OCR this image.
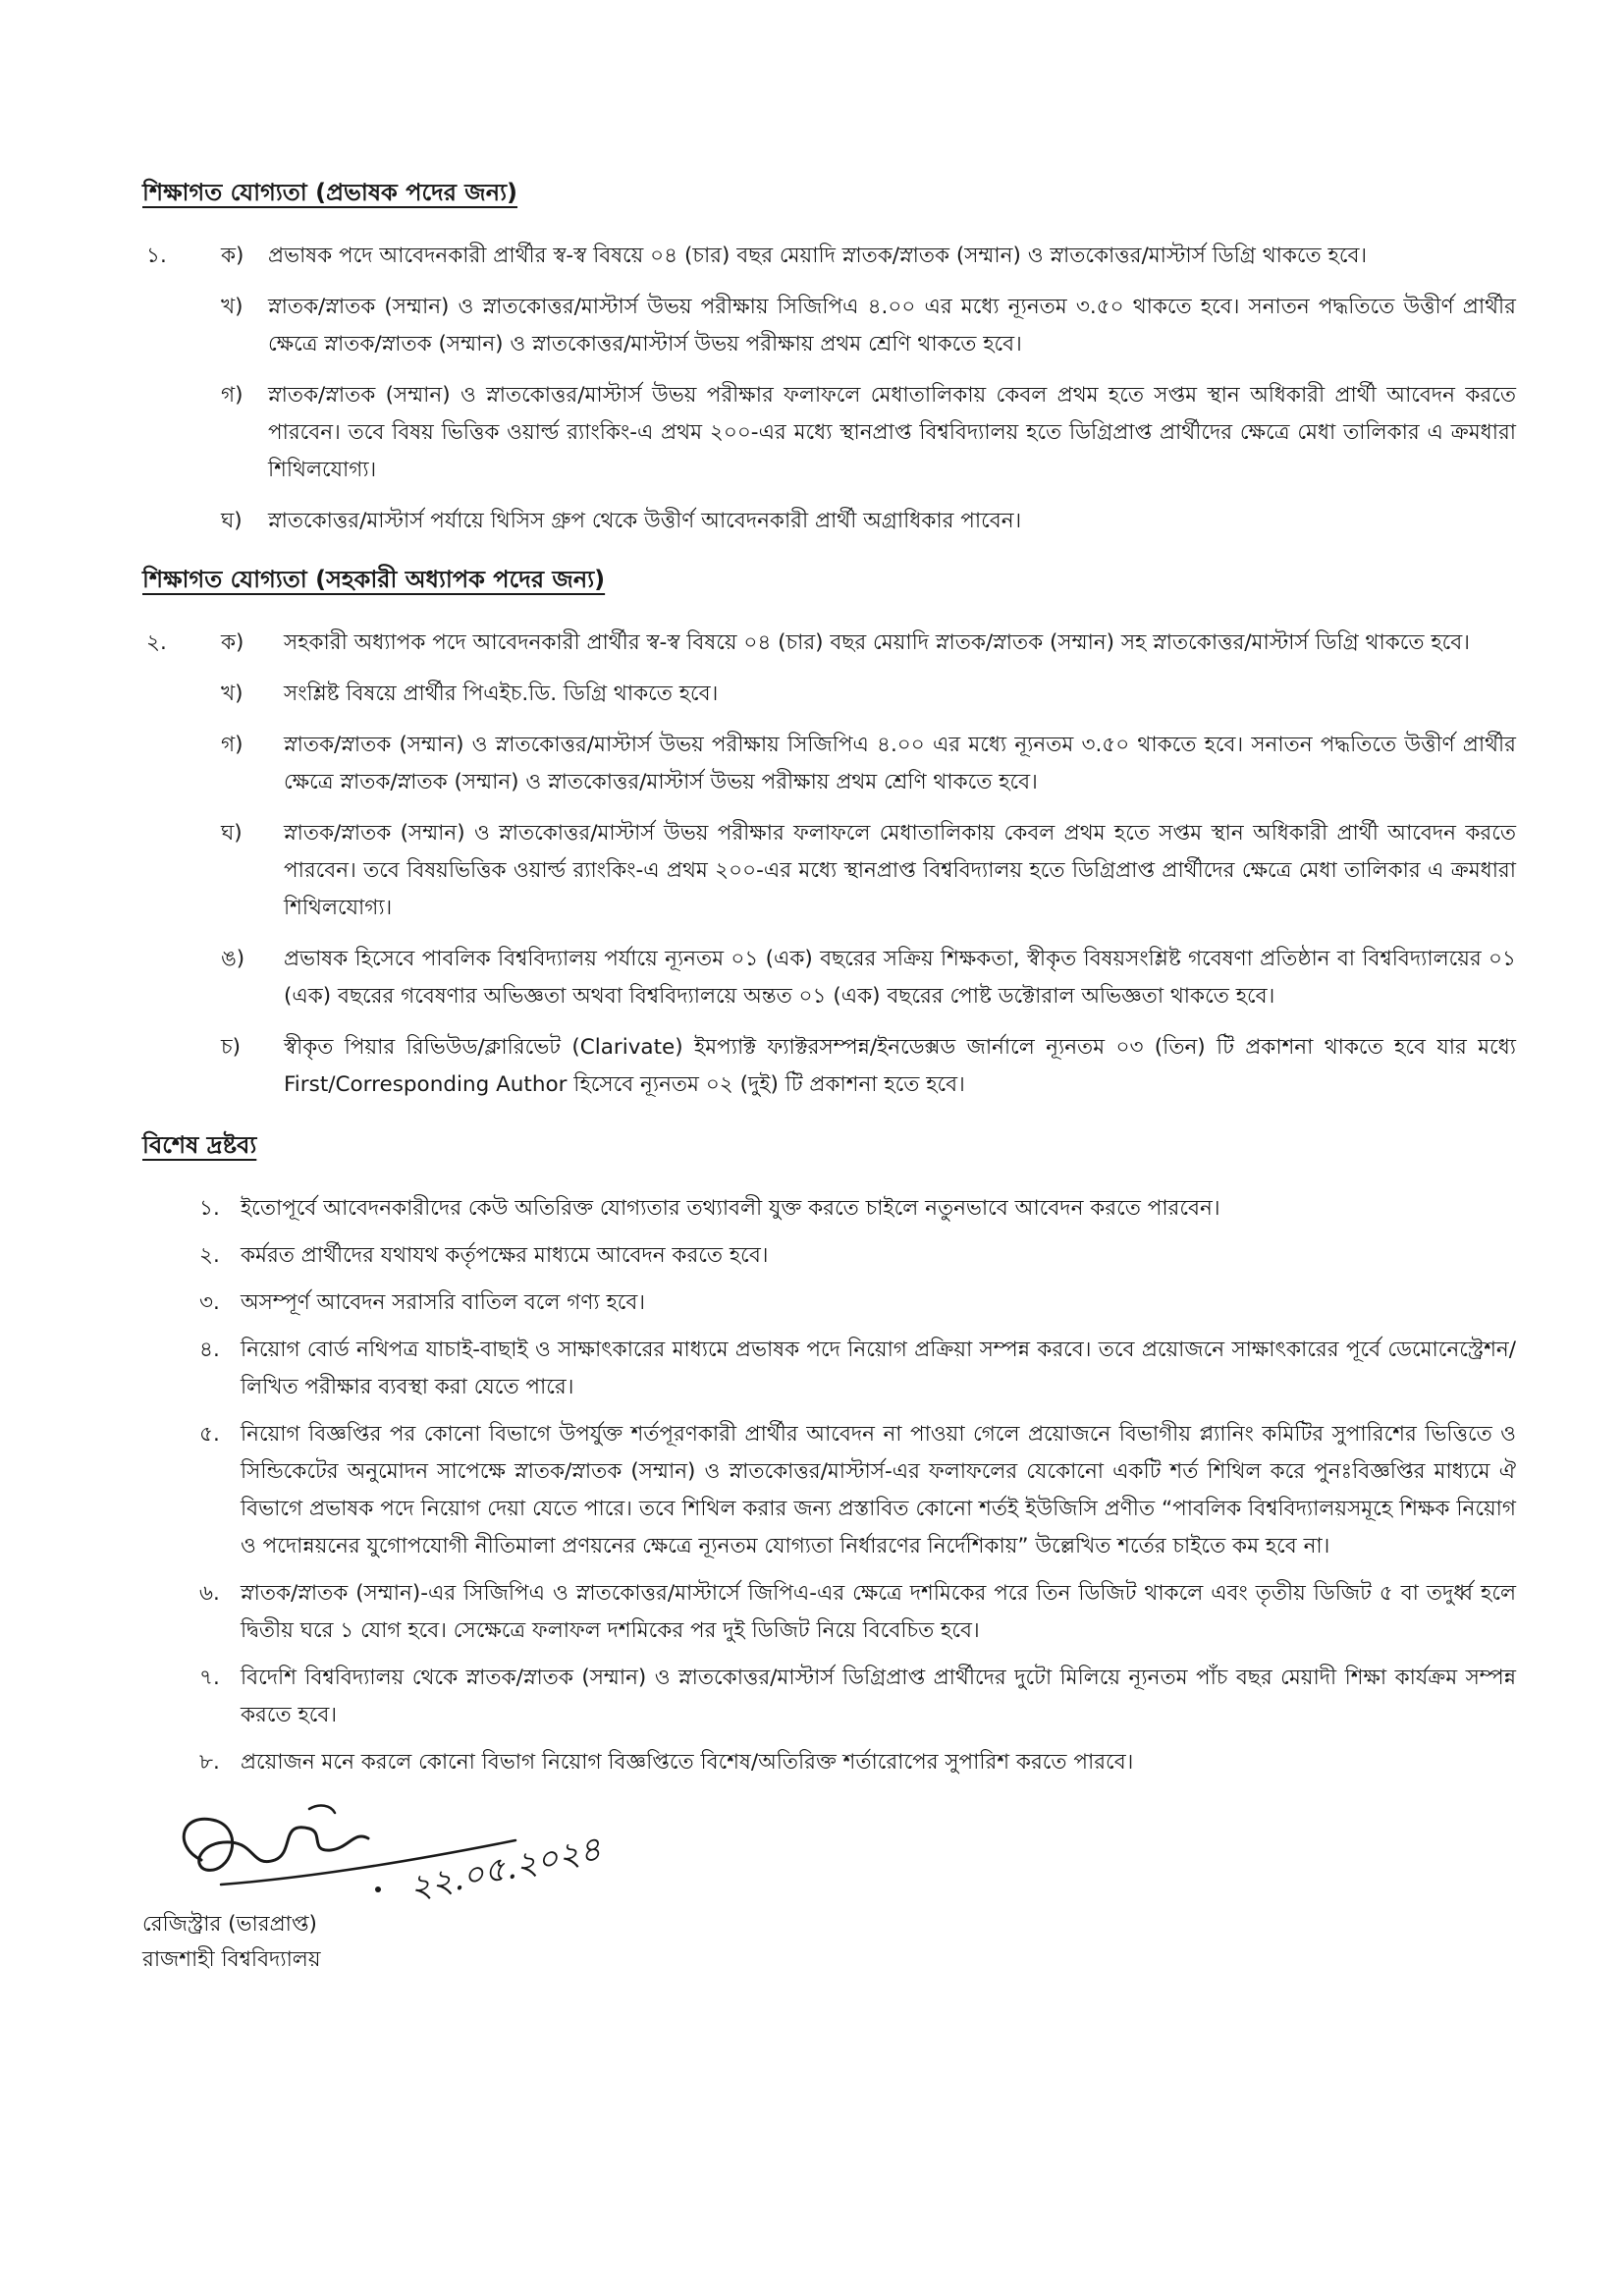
শিক্ষাগত যোগ্যতা (প্রভাষক পদের জন্য)
১.	ক)	প্রভাষক পদে আবেদনকারী প্রার্থীর স্ব-স্ব বিষয়ে ০৪ (চার) বছর মেয়াদি স্নাতক/স্নাতক (সম্মান) ও স্নাতকোত্তর/মাস্টার্স ডিগ্রি থাকতে হবে।
খ)	স্নাতক/স্নাতক (সম্মান) ও স্নাতকোত্তর/মাস্টার্স উভয় পরীক্ষায় সিজিপিএ ৪.০০ এর মধ্যে ন্যূনতম ৩.৫০ থাকতে হবে। সনাতন পদ্ধতিতে উত্তীর্ণ প্রার্থীর ক্ষেত্রে স্নাতক/স্নাতক (সম্মান) ও স্নাতকোত্তর/মাস্টার্স উভয় পরীক্ষায় প্রথম শ্রেণি থাকতে হবে।
গ)	স্নাতক/স্নাতক (সম্মান) ও স্নাতকোত্তর/মাস্টার্স উভয় পরীক্ষার ফলাফলে মেধাতালিকায় কেবল প্রথম হতে সপ্তম স্থান অধিকারী প্রার্থী আবেদন করতে পারবেন। তবে বিষয় ভিত্তিক ওয়ার্ল্ড র‍্যাংকিং-এ প্রথম ২০০-এর মধ্যে স্থানপ্রাপ্ত বিশ্ববিদ্যালয় হতে ডিগ্রিপ্রাপ্ত প্রার্থীদের ক্ষেত্রে মেধা তালিকার এ ক্রমধারা শিথিলযোগ্য।
ঘ)	স্নাতকোত্তর/মাস্টার্স পর্যায়ে থিসিস গ্রুপ থেকে উত্তীর্ণ আবেদনকারী প্রার্থী অগ্রাধিকার পাবেন।
শিক্ষাগত যোগ্যতা (সহকারী অধ্যাপক পদের জন্য)
২.	ক)	সহকারী অধ্যাপক পদে আবেদনকারী প্রার্থীর স্ব-স্ব বিষয়ে ০৪ (চার) বছর মেয়াদি স্নাতক/স্নাতক (সম্মান) সহ স্নাতকোত্তর/মাস্টার্স ডিগ্রি থাকতে হবে।
খ)	সংশ্লিষ্ট বিষয়ে প্রার্থীর পিএইচ.ডি. ডিগ্রি থাকতে হবে।
গ)	স্নাতক/স্নাতক (সম্মান) ও স্নাতকোত্তর/মাস্টার্স উভয় পরীক্ষায় সিজিপিএ ৪.০০ এর মধ্যে ন্যূনতম ৩.৫০ থাকতে হবে। সনাতন পদ্ধতিতে উত্তীর্ণ প্রার্থীর ক্ষেত্রে স্নাতক/স্নাতক (সম্মান) ও স্নাতকোত্তর/মাস্টার্স উভয় পরীক্ষায় প্রথম শ্রেণি থাকতে হবে।
ঘ)	স্নাতক/স্নাতক (সম্মান) ও স্নাতকোত্তর/মাস্টার্স উভয় পরীক্ষার ফলাফলে মেধাতালিকায় কেবল প্রথম হতে সপ্তম স্থান অধিকারী প্রার্থী আবেদন করতে পারবেন। তবে বিষয়ভিত্তিক ওয়ার্ল্ড র‍্যাংকিং-এ প্রথম ২০০-এর মধ্যে স্থানপ্রাপ্ত বিশ্ববিদ্যালয় হতে ডিগ্রিপ্রাপ্ত প্রার্থীদের ক্ষেত্রে মেধা তালিকার এ ক্রমধারা শিথিলযোগ্য।
ঙ)	প্রভাষক হিসেবে পাবলিক বিশ্ববিদ্যালয় পর্যায়ে ন্যূনতম ০১ (এক) বছরের সক্রিয় শিক্ষকতা, স্বীকৃত বিষয়সংশ্লিষ্ট গবেষণা প্রতিষ্ঠান বা বিশ্ববিদ্যালয়ের ০১ (এক) বছরের গবেষণার অভিজ্ঞতা অথবা বিশ্ববিদ্যালয়ে অন্তত ০১ (এক) বছরের পোষ্ট ডক্টোরাল অভিজ্ঞতা থাকতে হবে।
চ)	স্বীকৃত পিয়ার রিভিউড/ক্লারিভেট (Clarivate) ইমপ্যাক্ট ফ্যাক্টরসম্পন্ন/ইনডেক্সড জার্নালে ন্যূনতম ০৩ (তিন) টি প্রকাশনা থাকতে হবে যার মধ্যে First/Corresponding Author হিসেবে ন্যূনতম ০২ (দুই) টি প্রকাশনা হতে হবে।
বিশেষ দ্রষ্টব্য
১. ইতোপূর্বে আবেদনকারীদের কেউ অতিরিক্ত যোগ্যতার তথ্যাবলী যুক্ত করতে চাইলে নতুনভাবে আবেদন করতে পারবেন।
২. কর্মরত প্রার্থীদের যথাযথ কর্তৃপক্ষের মাধ্যমে আবেদন করতে হবে।
৩. অসম্পূর্ণ আবেদন সরাসরি বাতিল বলে গণ্য হবে।
৪. নিয়োগ বোর্ড নথিপত্র যাচাই-বাছাই ও সাক্ষাৎকারের মাধ্যমে প্রভাষক পদে নিয়োগ প্রক্রিয়া সম্পন্ন করবে। তবে প্রয়োজনে সাক্ষাৎকারের পূর্বে ডেমোনেস্ট্রেশন/লিখিত পরীক্ষার ব্যবস্থা করা যেতে পারে।
৫. নিয়োগ বিজ্ঞপ্তির পর কোনো বিভাগে উপর্যুক্ত শর্তপূরণকারী প্রার্থীর আবেদন না পাওয়া গেলে প্রয়োজনে বিভাগীয় প্ল্যানিং কমিটির সুপারিশের ভিত্তিতে ও সিন্ডিকেটের অনুমোদন সাপেক্ষে স্নাতক/স্নাতক (সম্মান) ও স্নাতকোত্তর/মাস্টার্স-এর ফলাফলের যেকোনো একটি শর্ত শিথিল করে পুনঃবিজ্ঞপ্তির মাধ্যমে ঐ বিভাগে প্রভাষক পদে নিয়োগ দেয়া যেতে পারে। তবে শিথিল করার জন্য প্রস্তাবিত কোনো শর্তই ইউজিসি প্রণীত “পাবলিক বিশ্ববিদ্যালয়সমূহে শিক্ষক নিয়োগ ও পদোন্নয়নের যুগোপযোগী নীতিমালা প্রণয়নের ক্ষেত্রে ন্যূনতম যোগ্যতা নির্ধারণের নির্দেশিকায়” উল্লেখিত শর্তের চাইতে কম হবে না।
৬. স্নাতক/স্নাতক (সম্মান)-এর সিজিপিএ ও স্নাতকোত্তর/মাস্টার্সে জিপিএ-এর ক্ষেত্রে দশমিকের পরে তিন ডিজিট থাকলে এবং তৃতীয় ডিজিট ৫ বা তদুর্ধ্ব হলে দ্বিতীয় ঘরে ১ যোগ হবে। সেক্ষেত্রে ফলাফল দশমিকের পর দুই ডিজিট নিয়ে বিবেচিত হবে।
৭. বিদেশি বিশ্ববিদ্যালয় থেকে স্নাতক/স্নাতক (সম্মান) ও স্নাতকোত্তর/মাস্টার্স ডিগ্রিপ্রাপ্ত প্রার্থীদের দুটো মিলিয়ে ন্যূনতম পাঁচ বছর মেয়াদী শিক্ষা কার্যক্রম সম্পন্ন করতে হবে।
৮. প্রয়োজন মনে করলে কোনো বিভাগ নিয়োগ বিজ্ঞপ্তিতে বিশেষ/অতিরিক্ত শর্তারোপের সুপারিশ করতে পারবে।
২২.০৫.২০২৪
রেজিস্ট্রার (ভারপ্রাপ্ত)
রাজশাহী বিশ্ববিদ্যালয়
